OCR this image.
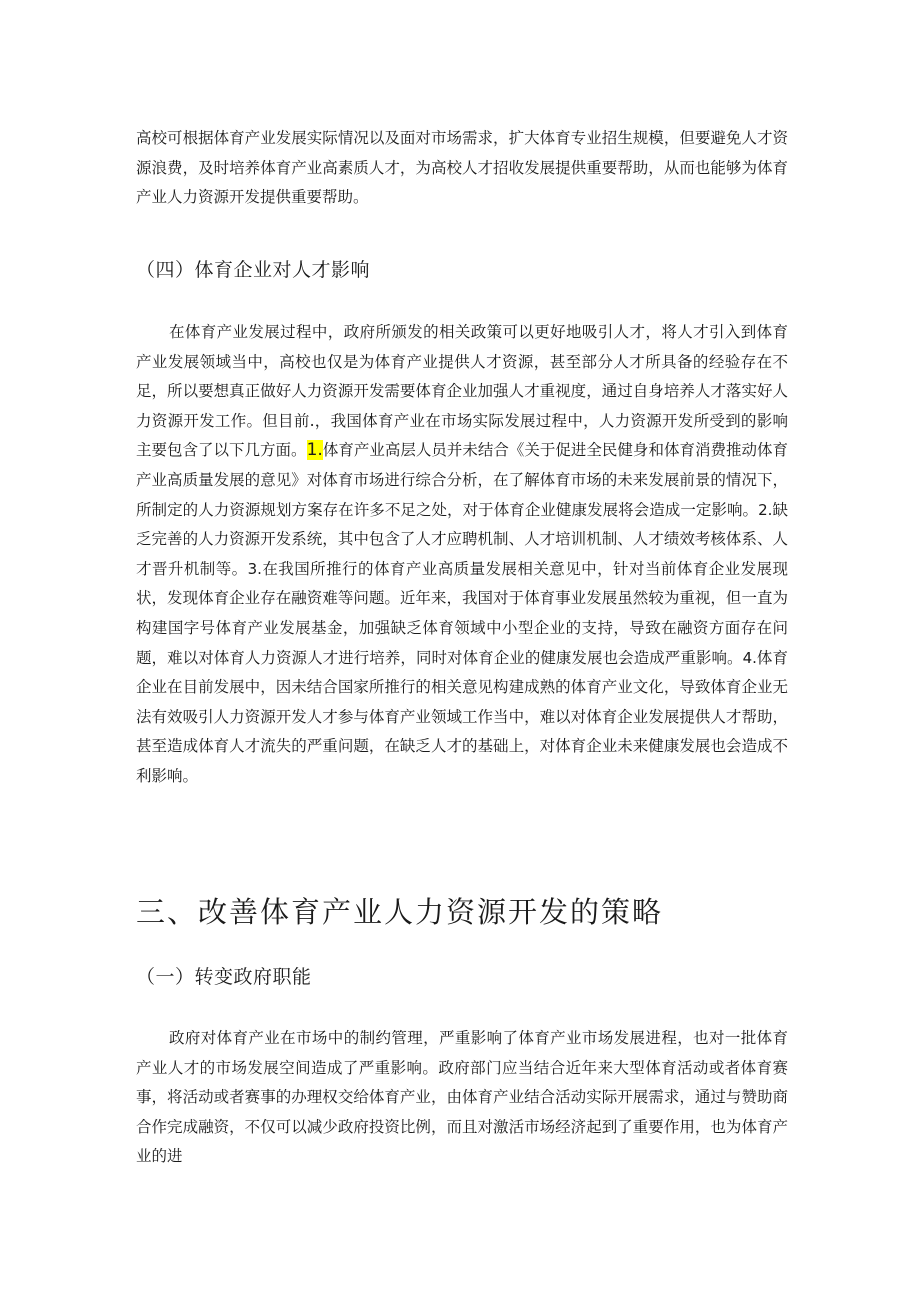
高校可根据体育产业发展实际情况以及面对市场需求，扩大体育专业招生规模，但要避免人才资源浪费，及时培养体育产业高素质人才，为高校人才招收发展提供重要帮助，从而也能够为体育产业人力资源开发提供重要帮助。

（四）体育企业对人才影响

在体育产业发展过程中，政府所颁发的相关政策可以更好地吸引人才，将人才引入到体育产业发展领域当中，高校也仅是为体育产业提供人才资源，甚至部分人才所具备的经验存在不足，所以要想真正做好人力资源开发需要体育企业加强人才重视度，通过自身培养人才落实好人力资源开发工作。但目前.，我国体育产业在市场实际发展过程中，人力资源开发所受到的影响主要包含了以下几方面。1.体育产业高层人员并未结合《关于促进全民健身和体育消费推动体育产业高质量发展的意见》对体育市场进行综合分析，在了解体育市场的未来发展前景的情况下，所制定的人力资源规划方案存在许多不足之处，对于体育企业健康发展将会造成一定影响。2.缺乏完善的人力资源开发系统，其中包含了人才应聘机制、人才培训机制、人才绩效考核体系、人才晋升机制等。3.在我国所推行的体育产业高质量发展相关意见中，针对当前体育企业发展现状，发现体育企业存在融资难等问题。近年来，我国对于体育事业发展虽然较为重视，但一直为构建国字号体育产业发展基金，加强缺乏体育领域中小型企业的支持，导致在融资方面存在问题，难以对体育人力资源人才进行培养，同时对体育企业的健康发展也会造成严重影响。4.体育企业在目前发展中，因未结合国家所推行的相关意见构建成熟的体育产业文化，导致体育企业无法有效吸引人力资源开发人才参与体育产业领域工作当中，难以对体育企业发展提供人才帮助，甚至造成体育人才流失的严重问题，在缺乏人才的基础上，对体育企业未来健康发展也会造成不利影响。

三、改善体育产业人力资源开发的策略
（一）转变政府职能

政府对体育产业在市场中的制约管理，严重影响了体育产业市场发展进程，也对一批体育产业人才的市场发展空间造成了严重影响。政府部门应当结合近年来大型体育活动或者体育赛事，将活动或者赛事的办理权交给体育产业，由体育产业结合活动实际开展需求，通过与赞助商合作完成融资，不仅可以减少政府投资比例，而且对激活市场经济起到了重要作用，也为体育产业的进
